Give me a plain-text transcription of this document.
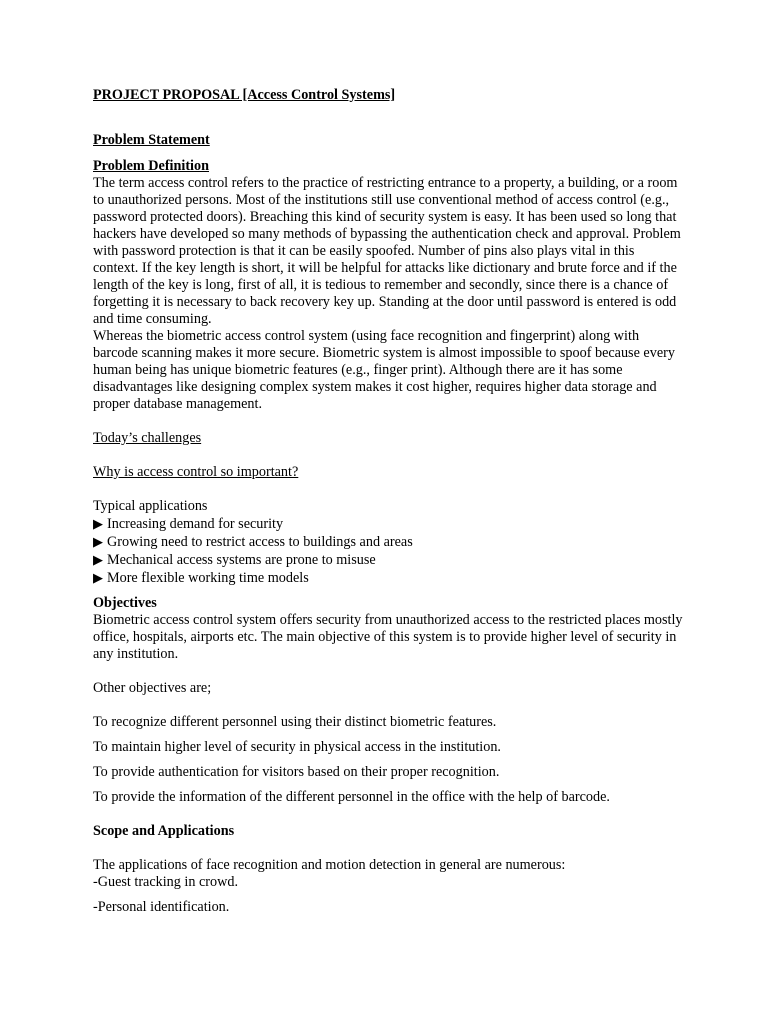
PROJECT PROPOSAL [Access Control Systems]

Problem Statement

Problem Definition

The term access control refers to the practice of restricting entrance to a property, a building, or a room to unauthorized persons. Most of the institutions still use conventional method of access control (e.g., password protected doors). Breaching this kind of security system is easy. It has been used so long that hackers have developed so many methods of bypassing the authentication check and approval. Problem with password protection is that it can be easily spoofed. Number of pins also plays vital in this context. If the key length is short, it will be helpful for attacks like dictionary and brute force and if the length of the key is long, first of all, it is tedious to remember and secondly, since there is a chance of forgetting it is necessary to back recovery key up. Standing at the door until password is entered is odd and time consuming.

Whereas the biometric access control system (using face recognition and fingerprint) along with barcode scanning makes it more secure. Biometric system is almost impossible to spoof because every human being has unique biometric features (e.g., finger print). Although there are it has some disadvantages like designing complex system makes it cost higher, requires higher data storage and proper database management.

Today’s challenges

Why is access control so important?

Typical applications

▶ Increasing demand for security
▶ Growing need to restrict access to buildings and areas
▶ Mechanical access systems are prone to misuse
▶ More flexible working time models

Objectives

Biometric access control system offers security from unauthorized access to the restricted places mostly office, hospitals, airports etc. The main objective of this system is to provide higher level of security in any institution.

Other objectives are;

To recognize different personnel using their distinct biometric features.

To maintain higher level of security in physical access in the institution.

To provide authentication for visitors based on their proper recognition.

To provide the information of the different personnel in the office with the help of barcode.

Scope and Applications

The applications of face recognition and motion detection in general are numerous:

-Guest tracking in crowd.

-Personal identification.
